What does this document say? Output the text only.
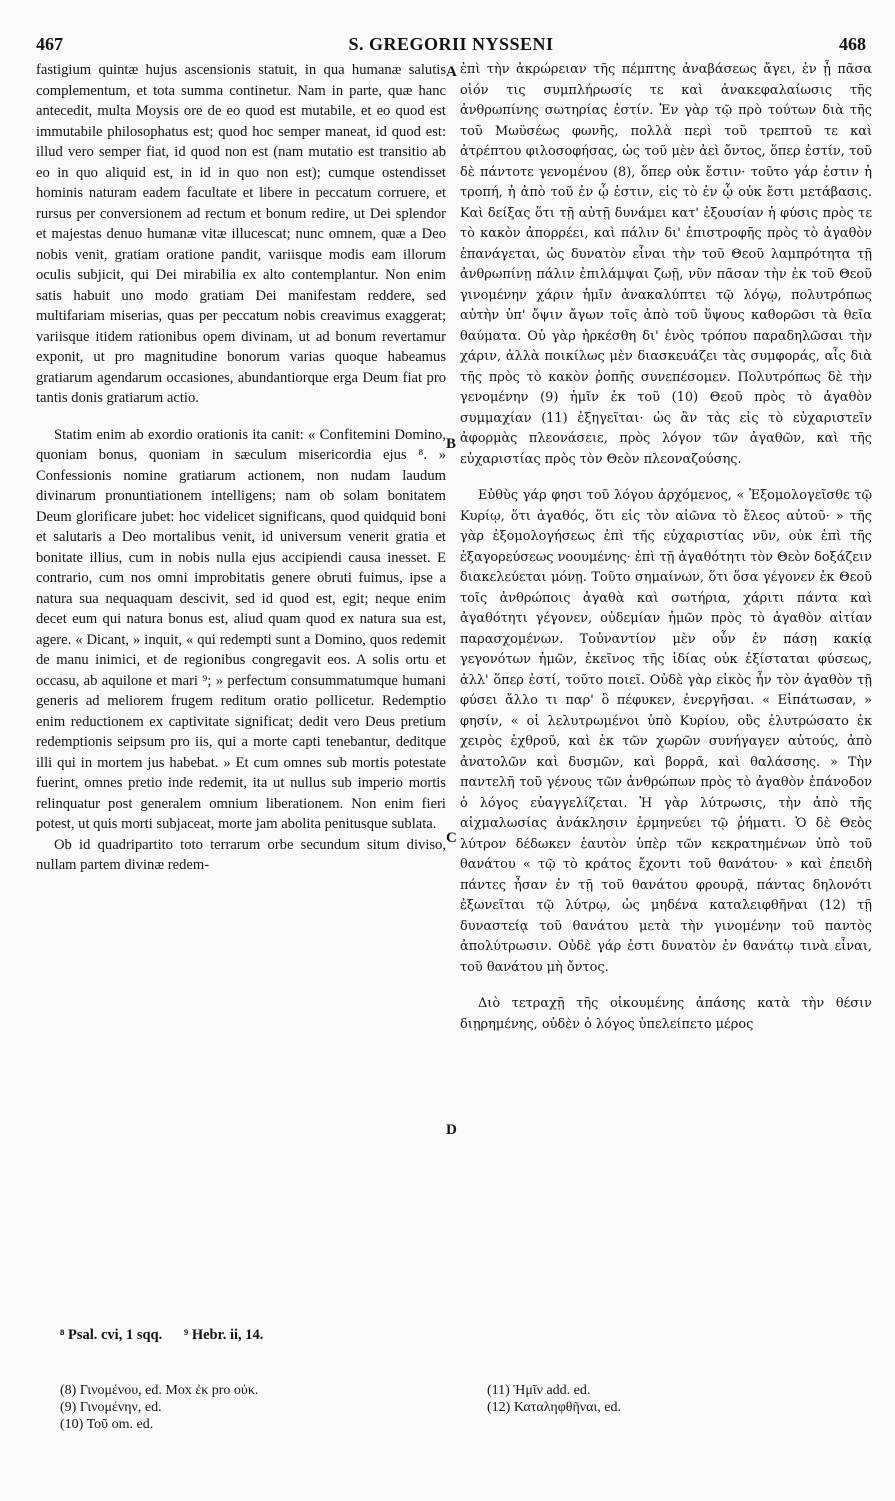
467	S. GREGORII NYSSENI	468

fastigium quintæ hujus ascensionis statuit, in qua humanæ salutis complementum, et tota summa continetur. Nam in parte, quæ hanc antecedit, multa Moysis ore de eo quod est mutabile, et eo quod est immutabile philosophatus est; quod hoc semper maneat, id quod est: illud vero semper fiat, id quod non est (nam mutatio est transitio ab eo in quo aliquid est, in id in quo non est); cumque ostendisset hominis naturam eadem facultate et libere in peccatum corruere, et rursus per conversionem ad rectum et bonum redire, ut Dei splendor et majestas denuo humanæ vitæ illucescat; nunc omnem, quæ a Deo nobis venit, gratiam oratione pandit, variisque modis eam illorum oculis subjicit, qui Dei mirabilia ex alto contemplantur. Non enim satis habuit uno modo gratiam Dei manifestam reddere, sed multifariam miserias, quas per peccatum nobis creavimus exaggerat; variisque itidem rationibus opem divinam, ut ad bonum revertamur exponit, ut pro magnitudine bonorum varias quoque habeamus gratiarum agendarum occasiones, abundantiorque erga Deum fiat pro tantis donis gratiarum actio.

Statim enim ab exordio orationis ita canit: « Confitemini Domino, quoniam bonus, quoniam in sæculum misericordia ejus ⁸. » Confessionis nomine gratiarum actionem, non nudam laudum divinarum pronuntiationem intelligens; nam ob solam bonitatem Deum glorificare jubet: hoc videlicet significans, quod quidquid boni et salutaris a Deo mortalibus venit, id universum venerit gratia et bonitate illius, cum in nobis nulla ejus accipiendi causa inesset. E contrario, cum nos omni improbitatis genere obruti fuimus, ipse a natura sua nequaquam descivit, sed id quod est, egit; neque enim decet eum qui natura bonus est, aliud quam quod ex natura sua est, agere. « Dicant, » inquit, « qui redempti sunt a Domino, quos redemit de manu inimici, et de regionibus congregavit eos. A solis ortu et occasu, ab aquilone et mari ⁹; » perfectum consummatumque humani generis ad meliorem frugem reditum oratio pollicetur. Redemptio enim reductionem ex captivitate significat; dedit vero Deus pretium redemptionis seipsum pro iis, qui a morte capti tenebantur, deditque illi qui in mortem jus habebat. » Et cum omnes sub mortis potestate fuerint, omnes pretio inde redemit, ita ut nullus sub imperio mortis relinquatur post generalem omnium liberationem. Non enim fieri potest, ut quis morti subjaceat, morte jam abolita penitusque sublata.

Ob id quadripartito toto terrarum orbe secundum situm diviso, nullam partem divinæ redem-

A
B
C
D

ἐπὶ τὴν ἀκρώρειαν τῆς πέμπτης ἀναβάσεως ἄγει, ἐν ᾗ πᾶσα οἱόν τις συμπλήρωσίς τε καὶ ἀνακεφαλαίωσις τῆς ἀνθρωπίνης σωτηρίας ἐστίν. Ἐν γὰρ τῷ πρὸ τούτων διὰ τῆς τοῦ Μωϋσέως φωνῆς, πολλὰ περὶ τοῦ τρεπτοῦ τε καὶ ἀτρέπτου φιλοσοφήσας, ὡς τοῦ μὲν ἀεὶ ὄντος, ὅπερ ἐστίν, τοῦ δὲ πάντοτε γενομένου (8), ὅπερ οὐκ ἔστιν· τοῦτο γάρ ἐστιν ἡ τροπή, ἡ ἀπὸ τοῦ ἐν ᾧ ἐστιν, εἰς τὸ ἐν ᾧ οὐκ ἔστι μετάβασις. Καὶ δείξας ὅτι τῇ αὐτῇ δυνάμει κατ' ἐξουσίαν ἡ φύσις πρὸς τε τὸ κακὸν ἀπορρέει, καὶ πάλιν δι' ἐπιστροφῆς πρὸς τὸ ἀγαθὸν ἐπανάγεται, ὡς δυνατὸν εἶναι τὴν τοῦ Θεοῦ λαμπρότητα τῇ ἀνθρωπίνῃ πάλιν ἐπιλάμψαι ζωῇ, νῦν πᾶσαν τὴν ἐκ τοῦ Θεοῦ γινομένην χάριν ἡμῖν ἀνακαλύπτει τῷ λόγῳ, πολυτρόπως αὐτὴν ὑπ' ὄψιν ἄγων τοῖς ἀπὸ τοῦ ὕψους καθορῶσι τὰ θεῖα θαύματα. Οὐ γὰρ ἠρκέσθη δι' ἑνὸς τρόπου παραδηλῶσαι τὴν χάριν, ἀλλὰ ποικίλως μὲν διασκευάζει τὰς συμφοράς, αἷς διὰ τῆς πρὸς τὸ κακὸν ῥοπῆς συνεπέσομεν. Πολυτρόπως δὲ τὴν γενομένην (9) ἡμῖν ἐκ τοῦ (10) Θεοῦ πρὸς τὸ ἀγαθὸν συμμαχίαν (11) ἐξηγεῖται· ὡς ἂν τὰς εἰς τὸ εὐχαριστεῖν ἀφορμὰς πλεονάσειε, πρὸς λόγον τῶν ἀγαθῶν, καὶ τῆς εὐχαριστίας πρὸς τὸν Θεὸν πλεοναζούσης.

Εὐθὺς γάρ φησι τοῦ λόγου ἀρχόμενος, « Ἐξομολογεῖσθε τῷ Κυρίῳ, ὅτι ἀγαθός, ὅτι εἰς τὸν αἰῶνα τὸ ἔλεος αὐτοῦ· » τῆς γὰρ ἐξομολογήσεως ἐπὶ τῆς εὐχαριστίας νῦν, οὐκ ἐπὶ τῆς ἐξαγορεύσεως νοουμένης· ἐπὶ τῇ ἀγαθότητι τὸν Θεὸν δοξάζειν διακελεύεται μόνῃ. Τοῦτο σημαίνων, ὅτι ὅσα γέγονεν ἐκ Θεοῦ τοῖς ἀνθρώποις ἀγαθὰ καὶ σωτήρια, χάριτι πάντα καὶ ἀγαθότητι γέγονεν, οὐδεμίαν ἡμῶν πρὸς τὸ ἀγαθὸν αἰτίαν παρασχομένων. Τοὐναντίον μὲν οὖν ἐν πάσῃ κακίᾳ γεγονότων ἡμῶν, ἐκεῖνος τῆς ἰδίας οὐκ ἐξίσταται φύσεως, ἀλλ' ὅπερ ἐστί, τοῦτο ποιεῖ. Οὐδὲ γὰρ εἰκὸς ἦν τὸν ἀγαθὸν τῇ φύσει ἄλλο τι παρ' ὃ πέφυκεν, ἐνεργῆσαι. « Εἰπάτωσαν, » φησίν, « οἱ λελυτρωμένοι ὑπὸ Κυρίου, οὓς ἐλυτρώσατο ἐκ χειρὸς ἐχθροῦ, καὶ ἐκ τῶν χωρῶν συνήγαγεν αὐτούς, ἀπὸ ἀνατολῶν καὶ δυσμῶν, καὶ βορρᾶ, καὶ θαλάσσης. » Τὴν παντελῆ τοῦ γένους τῶν ἀνθρώπων πρὸς τὸ ἀγαθὸν ἐπάνοδον ὁ λόγος εὐαγγελίζεται. Ἡ γὰρ λύτρωσις, τὴν ἀπὸ τῆς αἰχμαλωσίας ἀνάκλησιν ἑρμηνεύει τῷ ῥήματι. Ὁ δὲ Θεὸς λύτρον δέδωκεν ἑαυτὸν ὑπὲρ τῶν κεκρατημένων ὑπὸ τοῦ θανάτου « τῷ τὸ κράτος ἔχοντι τοῦ θανάτου· » καὶ ἐπειδὴ πάντες ἦσαν ἐν τῇ τοῦ θανάτου φρουρᾷ, πάντας δηλονότι ἐξωνεῖται τῷ λύτρῳ, ὡς μηδένα καταλειφθῆναι (12) τῇ δυναστείᾳ τοῦ θανάτου μετὰ τὴν γινομένην τοῦ παντὸς ἀπολύτρωσιν. Οὐδὲ γάρ ἐστι δυνατὸν ἐν θανάτῳ τινὰ εἶναι, τοῦ θανάτου μὴ ὄντος.

Διὸ τετραχῇ τῆς οἰκουμένης ἁπάσης κατὰ τὴν θέσιν διῃρημένης, οὐδὲν ὁ λόγος ὑπελείπετο μέρος

⁸ Psal. cvi, 1 sqq. ⁹ Hebr. ii, 14.
(8) Γινομένου, ed. Mox ἐκ pro οὐκ.
(9) Γινομένην, ed.
(10) Τοῦ om. ed.
(11) Ἡμῖν add. ed.
(12) Καταληφθῆναι, ed.
